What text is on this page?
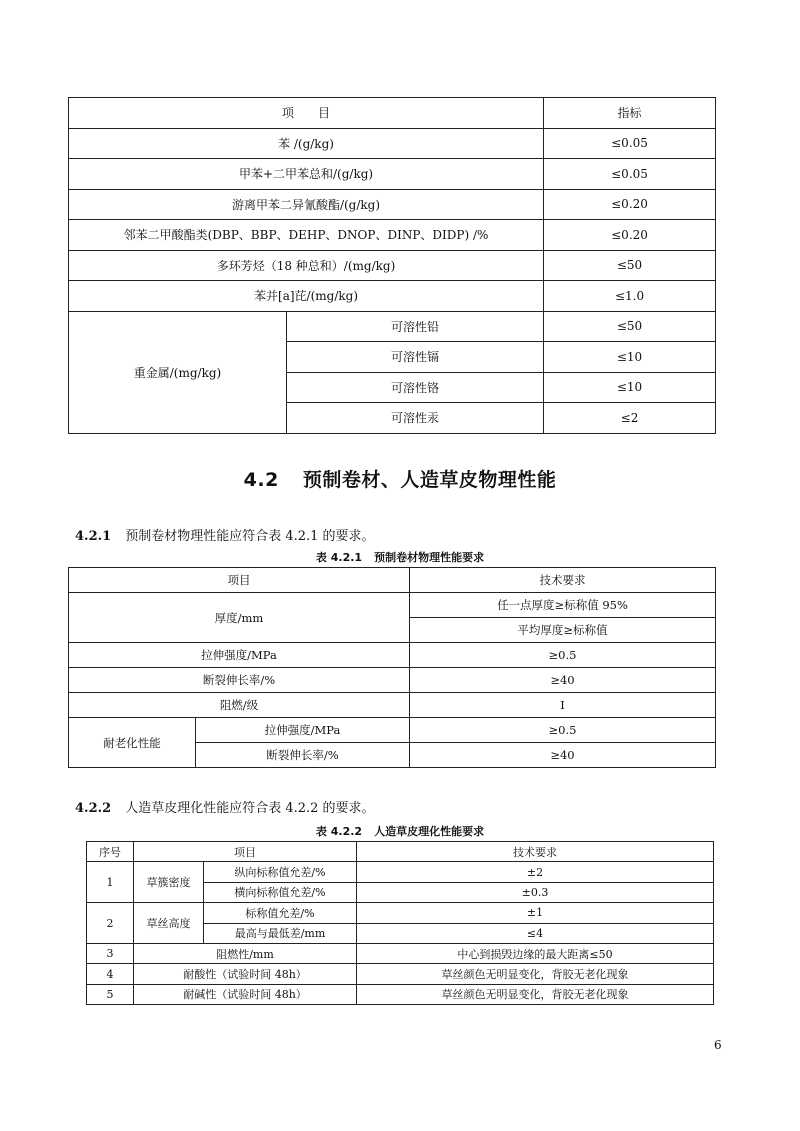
项　　目		指标
苯 /(g/kg)		≤0.05
甲苯+二甲苯总和/(g/kg)		≤0.05
游离甲苯二异氰酸酯/(g/kg)		≤0.20
邻苯二甲酸酯类(DBP、BBP、DEHP、DNOP、DINP、DIDP) /%		≤0.20
多环芳烃（18 种总和）/(mg/kg)		≤50
苯并[a]芘/(mg/kg)		≤1.0
重金属/(mg/kg)	可溶性铅	≤50
	可溶性镉	≤10
	可溶性铬	≤10
	可溶性汞	≤2
4.2 预制卷材、人造草皮物理性能
4.2.1 预制卷材物理性能应符合表 4.2.1 的要求。
表 4.2.1 预制卷材物理性能要求
项目		技术要求
厚度/mm		任一点厚度≥标称值 95%
		平均厚度≥标称值
拉伸强度/MPa		≥0.5
断裂伸长率/%		≥40
阻燃/级		I
耐老化性能	拉伸强度/MPa	≥0.5
	断裂伸长率/%	≥40
4.2.2 人造草皮理化性能应符合表 4.2.2 的要求。
表 4.2.2 人造草皮理化性能要求
序号	项目		技术要求
1	草簇密度	纵向标称值允差/%	±2
		横向标称值允差/%	±0.3
2	草丝高度	标称值允差/%	±1
		最高与最低差/mm	≤4
3	阻燃性/mm		中心到损毁边缘的最大距离≤50
4	耐酸性（试验时间 48h）		草丝颜色无明显变化，背胶无老化现象
5	耐碱性（试验时间 48h）		草丝颜色无明显变化，背胶无老化现象
6
